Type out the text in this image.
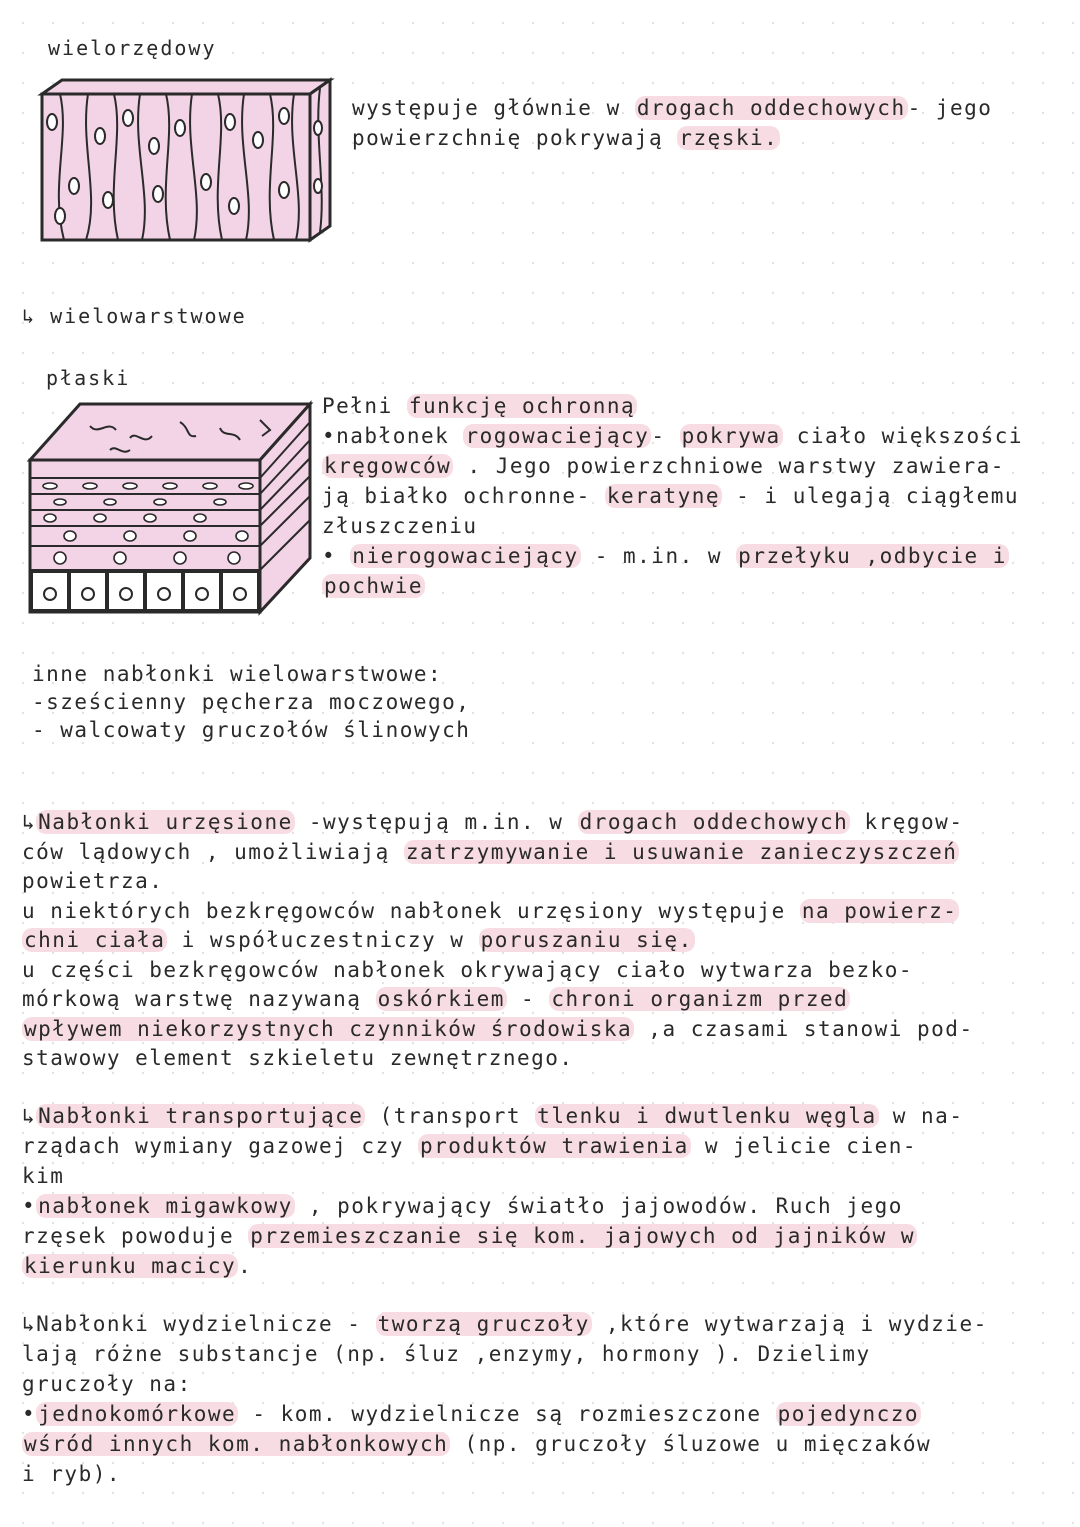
wielorzędowy
występuje głównie w drogach oddechowych- jego
powierzchnię pokrywają rzęski.
↳ wielowarstwowe
płaski
Pełni funkcję ochronną
•nabłonek rogowaciejący- pokrywa ciało większości
kręgowców . Jego powierzchniowe warstwy zawiera-
ją białko ochronne- keratynę - i ulegają ciągłemu
złuszczeniu
• nierogowaciejący - m.in. w przełyku ,odbycie i
pochwie
inne nabłonki wielowarstwowe:
-sześcienny pęcherza moczowego,
- walcowaty gruczołów ślinowych
↳Nabłonki urzęsione -występują m.in. w drogach oddechowych kręgow-
ców lądowych , umożliwiają zatrzymywanie i usuwanie zanieczyszczeń
powietrza.
u niektórych bezkręgowców nabłonek urzęsiony występuje na powierz-
chni ciała i współuczestniczy w poruszaniu się.
u części bezkręgowców nabłonek okrywający ciało wytwarza bezko-
mórkową warstwę nazywaną oskórkiem - chroni organizm przed
wpływem niekorzystnych czynników środowiska ,a czasami stanowi pod-
stawowy element szkieletu zewnętrznego.
↳Nabłonki transportujące (transport tlenku i dwutlenku węgla w na-
rządach wymiany gazowej czy produktów trawienia w jelicie cien-
kim
•nabłonek migawkowy , pokrywający światło jajowodów. Ruch jego
rzęsek powoduje przemieszczanie się kom. jajowych od jajników w
kierunku macicy.
↳Nabłonki wydzielnicze - tworzą gruczoły ,które wytwarzają i wydzie-
lają różne substancje (np. śluz ,enzymy, hormony ). Dzielimy
gruczoły na:
•jednokomórkowe - kom. wydzielnicze są rozmieszczone pojedynczo
wśród innych kom. nabłonkowych (np. gruczoły śluzowe u mięczaków
i ryb).
